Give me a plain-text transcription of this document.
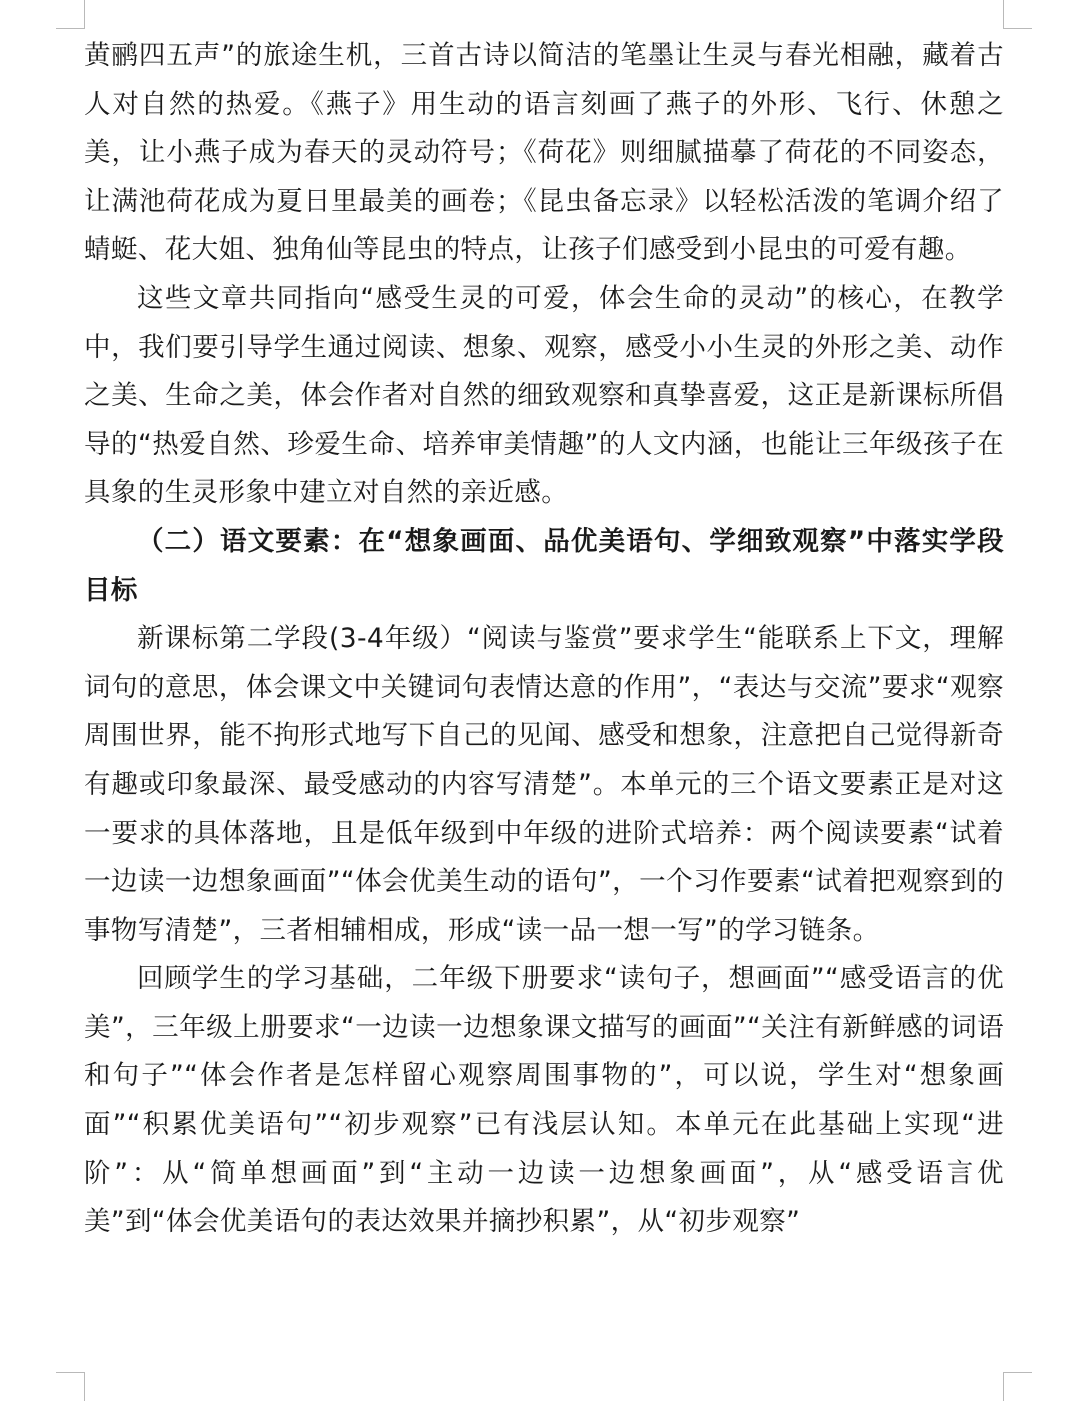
黄鹂四五声”的旅途生机，三首古诗以简洁的笔墨让生灵与春光相融，藏着古人对自然的热爱。《燕子》用生动的语言刻画了燕子的外形、飞行、休憩之美，让小燕子成为春天的灵动符号；《荷花》则细腻描摹了荷花的不同姿态，让满池荷花成为夏日里最美的画卷；《昆虫备忘录》以轻松活泼的笔调介绍了蜻蜓、花大姐、独角仙等昆虫的特点，让孩子们感受到小昆虫的可爱有趣。

这些文章共同指向“感受生灵的可爱，体会生命的灵动”的核心，在教学中，我们要引导学生通过阅读、想象、观察，感受小小生灵的外形之美、动作之美、生命之美，体会作者对自然的细致观察和真挚喜爱，这正是新课标所倡导的“热爱自然、珍爱生命、培养审美情趣”的人文内涵，也能让三年级孩子在具象的生灵形象中建立对自然的亲近感。

（二）语文要素：在“想象画面、品优美语句、学细致观察”中落实学段目标

新课标第二学段(3-4年级）“阅读与鉴赏”要求学生“能联系上下文，理解词句的意思，体会课文中关键词句表情达意的作用”，“表达与交流”要求“观察周围世界，能不拘形式地写下自己的见闻、感受和想象，注意把自己觉得新奇有趣或印象最深、最受感动的内容写清楚”。本单元的三个语文要素正是对这一要求的具体落地，且是低年级到中年级的进阶式培养：两个阅读要素“试着一边读一边想象画面”“体会优美生动的语句”，一个习作要素“试着把观察到的事物写清楚”，三者相辅相成，形成“读一品一想一写”的学习链条。

回顾学生的学习基础，二年级下册要求“读句子，想画面”“感受语言的优美”，三年级上册要求“一边读一边想象课文描写的画面”“关注有新鲜感的词语和句子”“体会作者是怎样留心观察周围事物的”，可以说，学生对“想象画面”“积累优美语句”“初步观察”已有浅层认知。本单元在此基础上实现“进阶”：从“简单想画面”到“主动一边读一边想象画面”，从“感受语言优美”到“体会优美语句的表达效果并摘抄积累”，从“初步观察”
